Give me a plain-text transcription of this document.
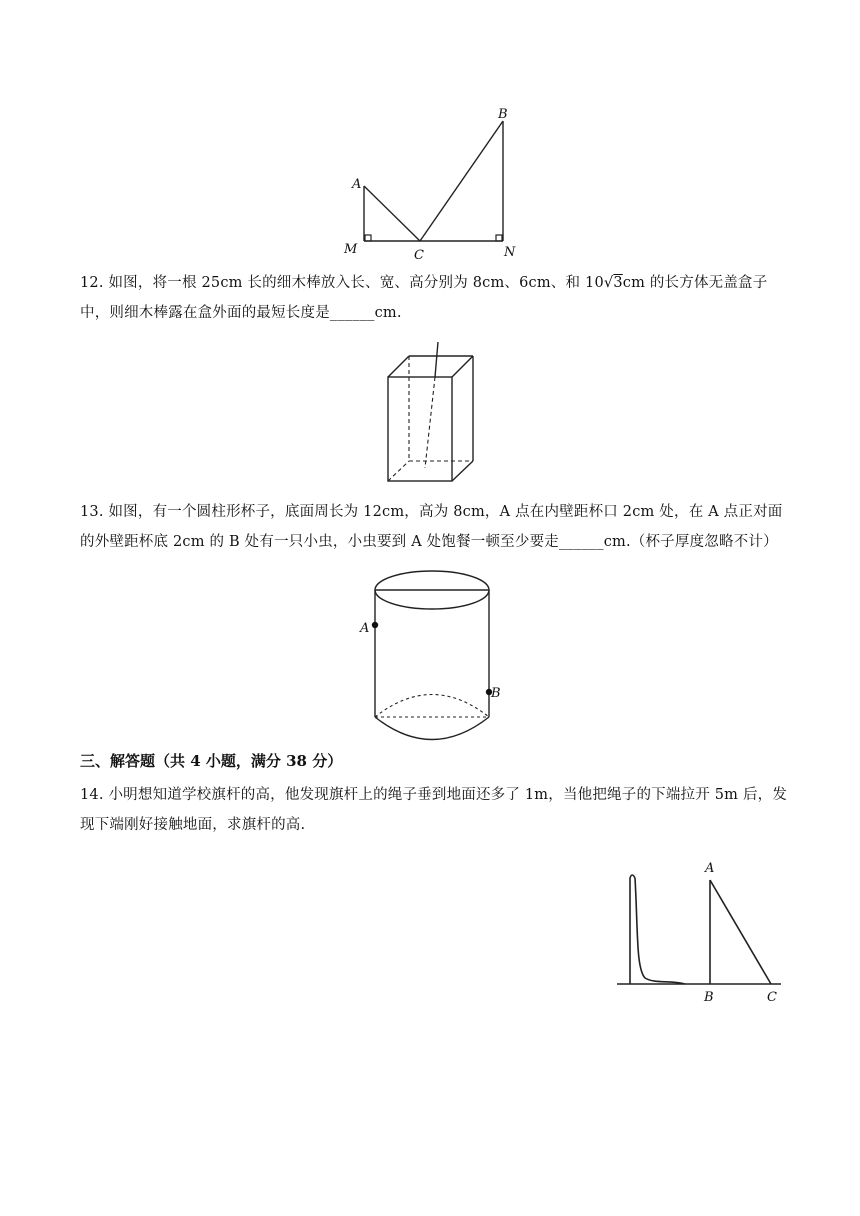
A
B
C
M	N

12. 如图，将一根 25cm 长的细木棒放入长、宽、高分别为 8cm、6cm、和 10√3cm 的长方体无盖盒子中，则细木棒露在盒外面的最短长度是______cm.

13. 如图，有一个圆柱形杯子，底面周长为 12cm，高为 8cm，A 点在内壁距杯口 2cm 处，在 A 点正对面的外壁距杯底 2cm 的 B 处有一只小虫，小虫要到 A 处饱餐一顿至少要走______cm.（杯子厚度忽略不计）

A
B

三、解答题（共 4 小题，满分 38 分）

14. 小明想知道学校旗杆的高，他发现旗杆上的绳子垂到地面还多了 1m，当他把绳子的下端拉开 5m 后，发现下端刚好接触地面，求旗杆的高.

A
B	C
